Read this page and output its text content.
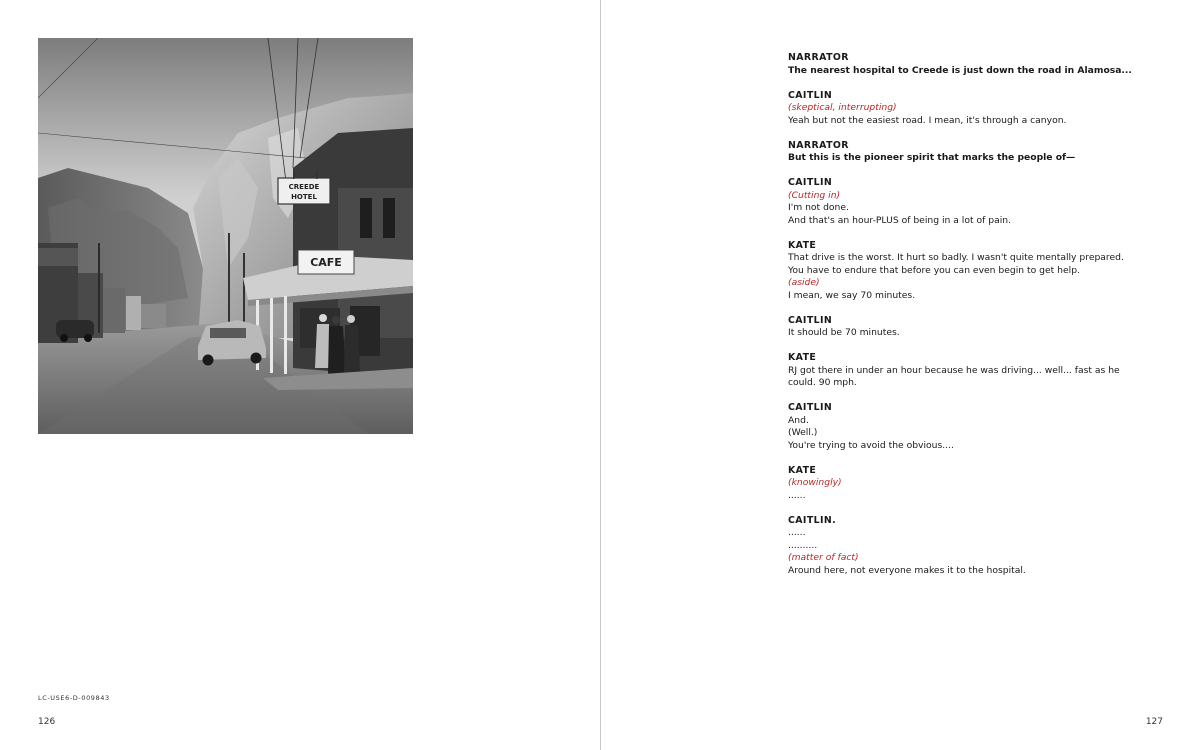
CREEDE
HOTEL
CAFE
LC-USE6-D-009843
126
NARRATOR
The nearest hospital to Creede is just down the road in Alamosa...
CAITLIN
(skeptical, interrupting)
Yeah but not the easiest road. I mean, it's through a canyon.
NARRATOR
But this is the pioneer spirit that marks the people of—
CAITLIN
(Cutting in)
I'm not done.
And that's an hour-PLUS of being in a lot of pain.
KATE
That drive is the worst. It hurt so badly. I wasn't quite mentally prepared.
You have to endure that before you can even begin to get help.
(aside)
I mean, we say 70 minutes.
CAITLIN
It should be 70 minutes.
KATE
RJ got there in under an hour because he was driving... well... fast as he
could. 90 mph.
CAITLIN
And.
(Well.)
You're trying to avoid the obvious....
KATE
(knowingly)
......
CAITLIN.
......
..........
(matter of fact)
Around here, not everyone makes it to the hospital.
127
